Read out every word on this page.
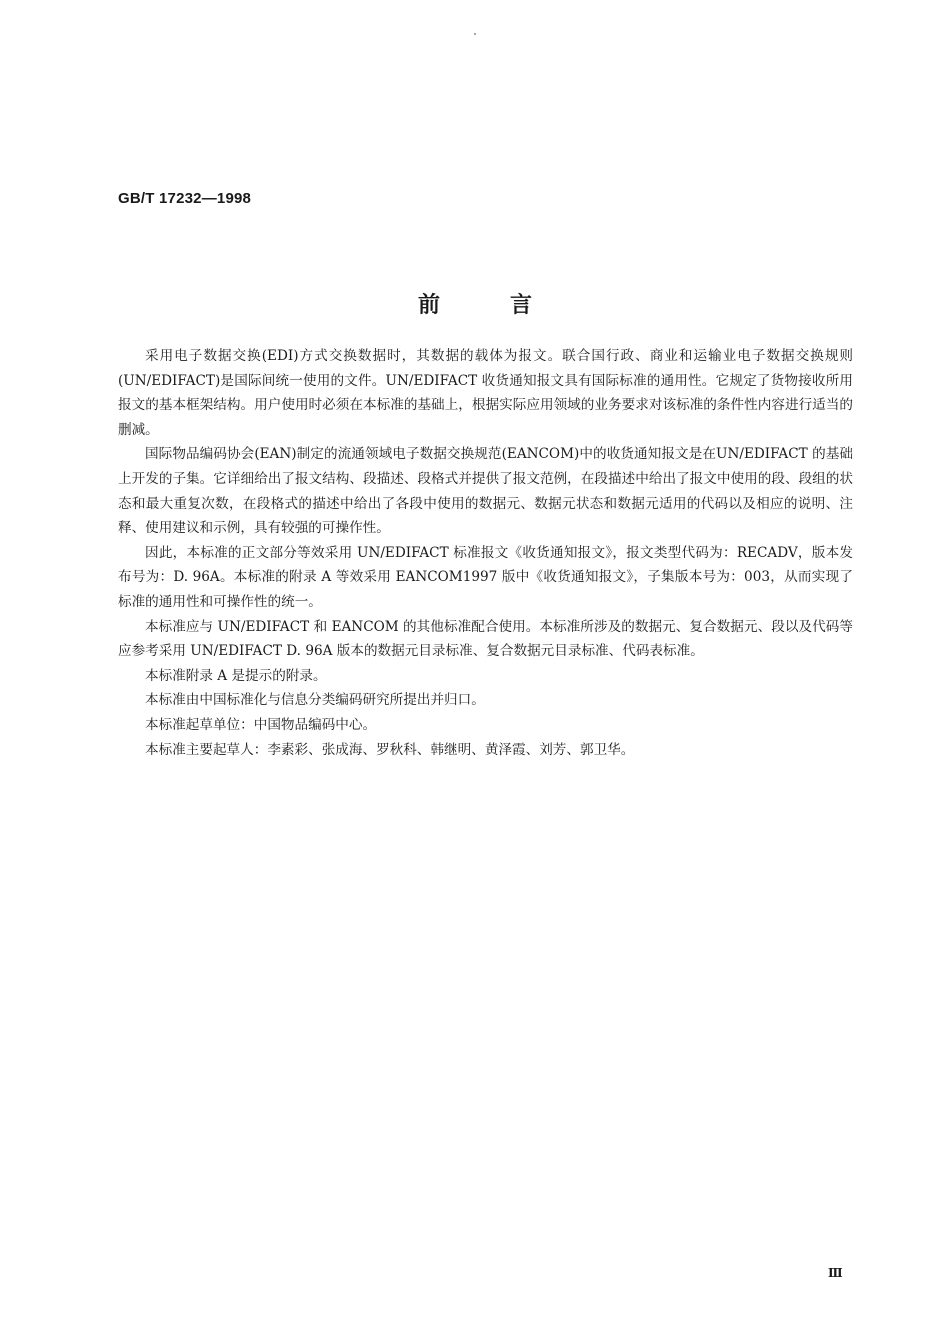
GB/T 17232—1998
前言

采用电子数据交换(EDI)方式交换数据时，其数据的载体为报文。联合国行政、商业和运输业电子数据交换规则(UN/EDIFACT)是国际间统一使用的文件。UN/EDIFACT 收货通知报文具有国际标准的通用性。它规定了货物接收所用报文的基本框架结构。用户使用时必须在本标准的基础上，根据实际应用领域的业务要求对该标准的条件性内容进行适当的删减。

国际物品编码协会(EAN)制定的流通领域电子数据交换规范(EANCOM)中的收货通知报文是在UN/EDIFACT 的基础上开发的子集。它详细给出了报文结构、段描述、段格式并提供了报文范例，在段描述中给出了报文中使用的段、段组的状态和最大重复次数，在段格式的描述中给出了各段中使用的数据元、数据元状态和数据元适用的代码以及相应的说明、注释、使用建议和示例，具有较强的可操作性。

因此，本标准的正文部分等效采用 UN/EDIFACT 标准报文《收货通知报文》，报文类型代码为：RECADV，版本发布号为：D. 96A。本标准的附录 A 等效采用 EANCOM1997 版中《收货通知报文》，子集版本号为：003，从而实现了标准的通用性和可操作性的统一。

本标准应与 UN/EDIFACT 和 EANCOM 的其他标准配合使用。本标准所涉及的数据元、复合数据元、段以及代码等应参考采用 UN/EDIFACT D. 96A 版本的数据元目录标准、复合数据元目录标准、代码表标准。

本标准附录 A 是提示的附录。

本标准由中国标准化与信息分类编码研究所提出并归口。

本标准起草单位：中国物品编码中心。

本标准主要起草人：李素彩、张成海、罗秋科、韩继明、黄泽霞、刘芳、郭卫华。

Ⅲ
